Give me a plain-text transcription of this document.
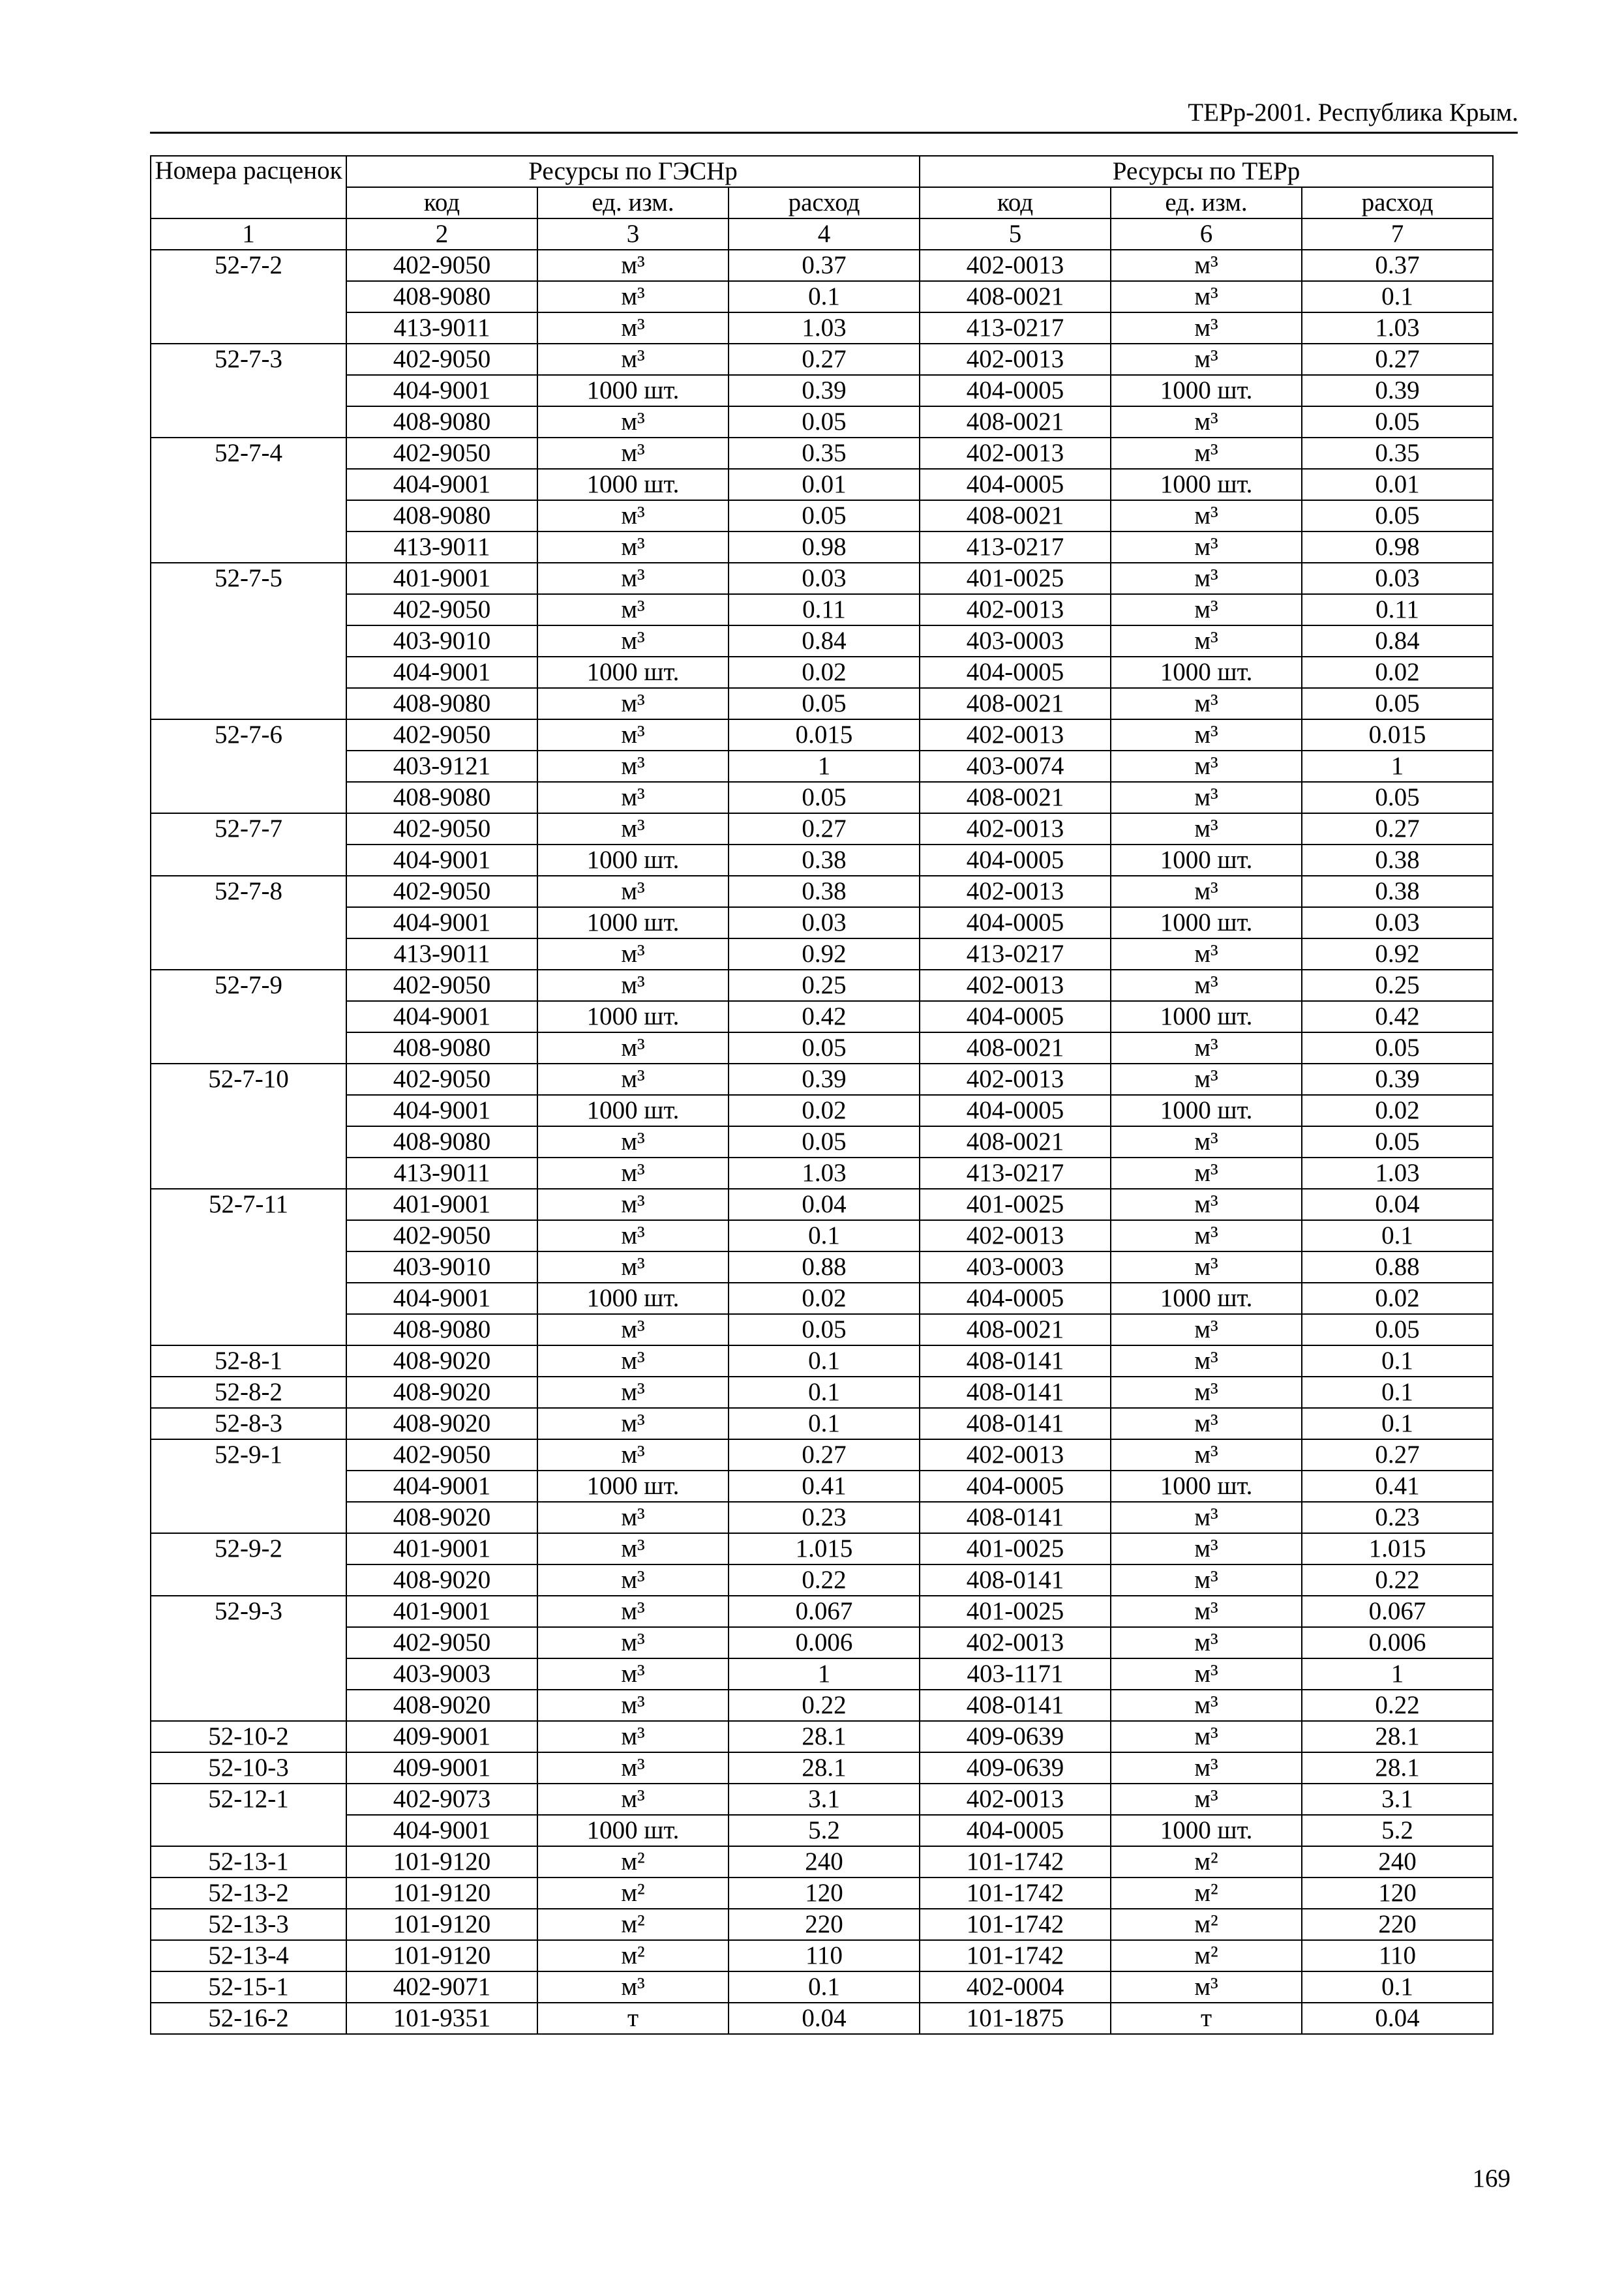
ТЕРр-2001. Республика Крым.
Номера расценок	Ресурсы по ГЭСНр			Ресурсы по ТЕРр		
	код	ед. изм.	расход	код	ед. изм.	расход
1	2	3	4	5	6	7
52-7-2	402-9050	м³	0.37	402-0013	м³	0.37
	408-9080	м³	0.1	408-0021	м³	0.1
	413-9011	м³	1.03	413-0217	м³	1.03
52-7-3	402-9050	м³	0.27	402-0013	м³	0.27
	404-9001	1000 шт.	0.39	404-0005	1000 шт.	0.39
	408-9080	м³	0.05	408-0021	м³	0.05
52-7-4	402-9050	м³	0.35	402-0013	м³	0.35
	404-9001	1000 шт.	0.01	404-0005	1000 шт.	0.01
	408-9080	м³	0.05	408-0021	м³	0.05
	413-9011	м³	0.98	413-0217	м³	0.98
52-7-5	401-9001	м³	0.03	401-0025	м³	0.03
	402-9050	м³	0.11	402-0013	м³	0.11
	403-9010	м³	0.84	403-0003	м³	0.84
	404-9001	1000 шт.	0.02	404-0005	1000 шт.	0.02
	408-9080	м³	0.05	408-0021	м³	0.05
52-7-6	402-9050	м³	0.015	402-0013	м³	0.015
	403-9121	м³	1	403-0074	м³	1
	408-9080	м³	0.05	408-0021	м³	0.05
52-7-7	402-9050	м³	0.27	402-0013	м³	0.27
	404-9001	1000 шт.	0.38	404-0005	1000 шт.	0.38
52-7-8	402-9050	м³	0.38	402-0013	м³	0.38
	404-9001	1000 шт.	0.03	404-0005	1000 шт.	0.03
	413-9011	м³	0.92	413-0217	м³	0.92
52-7-9	402-9050	м³	0.25	402-0013	м³	0.25
	404-9001	1000 шт.	0.42	404-0005	1000 шт.	0.42
	408-9080	м³	0.05	408-0021	м³	0.05
52-7-10	402-9050	м³	0.39	402-0013	м³	0.39
	404-9001	1000 шт.	0.02	404-0005	1000 шт.	0.02
	408-9080	м³	0.05	408-0021	м³	0.05
	413-9011	м³	1.03	413-0217	м³	1.03
52-7-11	401-9001	м³	0.04	401-0025	м³	0.04
	402-9050	м³	0.1	402-0013	м³	0.1
	403-9010	м³	0.88	403-0003	м³	0.88
	404-9001	1000 шт.	0.02	404-0005	1000 шт.	0.02
	408-9080	м³	0.05	408-0021	м³	0.05
52-8-1	408-9020	м³	0.1	408-0141	м³	0.1
52-8-2	408-9020	м³	0.1	408-0141	м³	0.1
52-8-3	408-9020	м³	0.1	408-0141	м³	0.1
52-9-1	402-9050	м³	0.27	402-0013	м³	0.27
	404-9001	1000 шт.	0.41	404-0005	1000 шт.	0.41
	408-9020	м³	0.23	408-0141	м³	0.23
52-9-2	401-9001	м³	1.015	401-0025	м³	1.015
	408-9020	м³	0.22	408-0141	м³	0.22
52-9-3	401-9001	м³	0.067	401-0025	м³	0.067
	402-9050	м³	0.006	402-0013	м³	0.006
	403-9003	м³	1	403-1171	м³	1
	408-9020	м³	0.22	408-0141	м³	0.22
52-10-2	409-9001	м³	28.1	409-0639	м³	28.1
52-10-3	409-9001	м³	28.1	409-0639	м³	28.1
52-12-1	402-9073	м³	3.1	402-0013	м³	3.1
	404-9001	1000 шт.	5.2	404-0005	1000 шт.	5.2
52-13-1	101-9120	м²	240	101-1742	м²	240
52-13-2	101-9120	м²	120	101-1742	м²	120
52-13-3	101-9120	м²	220	101-1742	м²	220
52-13-4	101-9120	м²	110	101-1742	м²	110
52-15-1	402-9071	м³	0.1	402-0004	м³	0.1
52-16-2	101-9351	т	0.04	101-1875	т	0.04
169
